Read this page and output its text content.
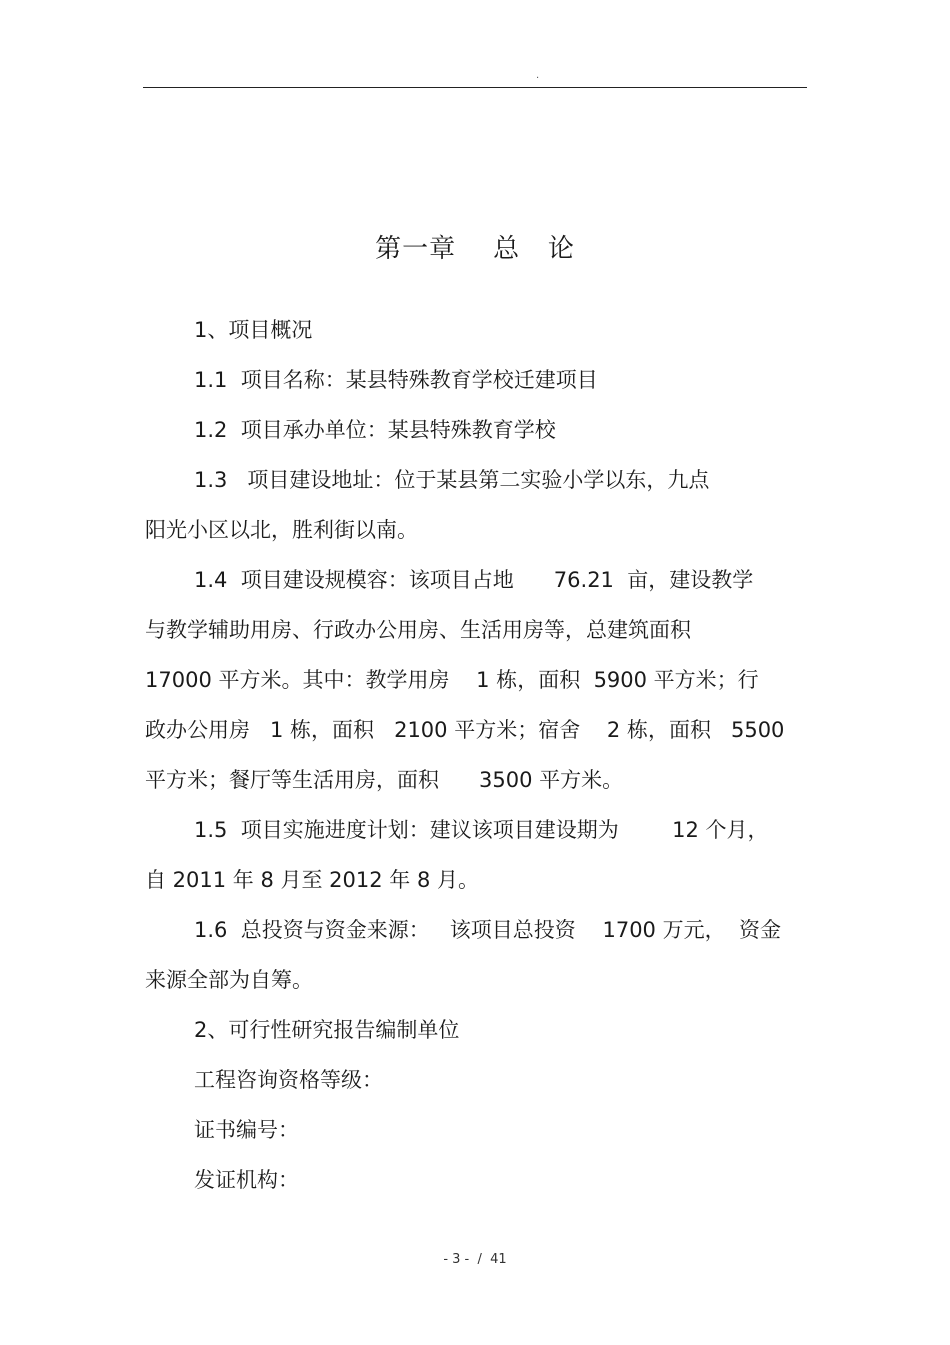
.
第一章    总   论
1、项目概况
1.1  项目名称：某县特殊教育学校迁建项目
1.2  项目承办单位：某县特殊教育学校
1.3   项目建设地址：位于某县第二实验小学以东，九点
阳光小区以北，胜利街以南。
1.4  项目建设规模容：该项目占地      76.21  亩，建设教学
与教学辅助用房、行政办公用房、生活用房等，总建筑面积
17000 平方米。其中：教学用房    1 栋，面积  5900 平方米；行
政办公用房   1 栋，面积   2100 平方米；宿舍    2 栋，面积   5500
平方米；餐厅等生活用房，面积      3500 平方米。
1.5  项目实施进度计划：建议该项目建设期为        12 个月，
自 2011 年 8 月至 2012 年 8 月。
1.6  总投资与资金来源：   该项目总投资    1700 万元，  资金
来源全部为自筹。
2、可行性研究报告编制单位
工程咨询资格等级：
证书编号：
发证机构：
- 3 -  /  41
